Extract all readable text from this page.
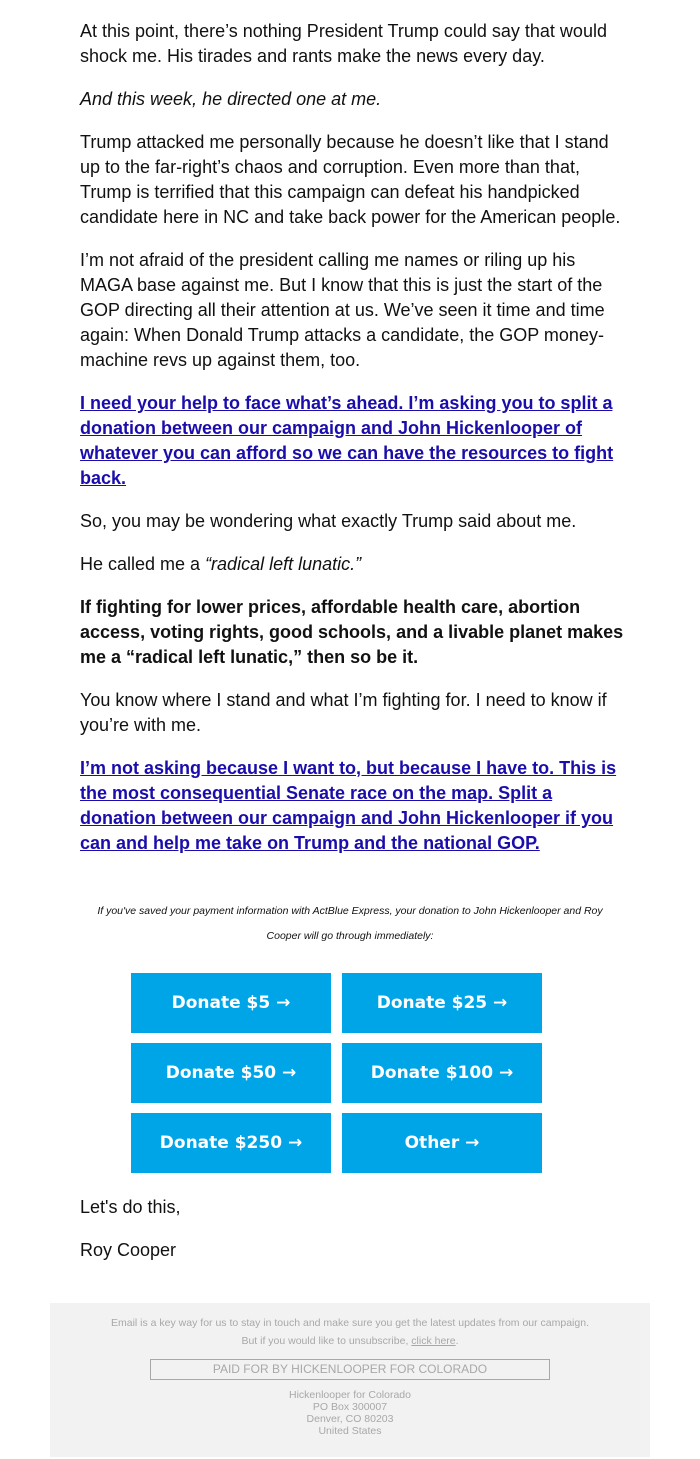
At this point, there’s nothing President Trump could say that would shock me. His tirades and rants make the news every day.

And this week, he directed one at me.

Trump attacked me personally because he doesn’t like that I stand up to the far-right’s chaos and corruption. Even more than that, Trump is terrified that this campaign can defeat his handpicked candidate here in NC and take back power for the American people.

I’m not afraid of the president calling me names or riling up his MAGA base against me. But I know that this is just the start of the GOP directing all their attention at us. We’ve seen it time and time again: When Donald Trump attacks a candidate, the GOP money-machine revs up against them, too.

I need your help to face what’s ahead. I’m asking you to split a donation between our campaign and John Hickenlooper of whatever you can afford so we can have the resources to fight back.

So, you may be wondering what exactly Trump said about me.

He called me a “radical left lunatic.”

If fighting for lower prices, affordable health care, abortion access, voting rights, good schools, and a livable planet makes me a “radical left lunatic,” then so be it.

You know where I stand and what I’m fighting for. I need to know if you’re with me.

I’m not asking because I want to, but because I have to. This is the most consequential Senate race on the map. Split a donation between our campaign and John Hickenlooper if you can and help me take on Trump and the national GOP.
If you've saved your payment information with ActBlue Express, your donation to John Hickenlooper and Roy Cooper will go through immediately:
Donate $5 →	Donate $25 →
Donate $50 →	Donate $100 →
Donate $250 →	Other →
Let's do this,
Roy Cooper
Email is a key way for us to stay in touch and make sure you get the latest updates from our campaign.
But if you would like to unsubscribe, click here.
PAID FOR BY HICKENLOOPER FOR COLORADO
Hickenlooper for Colorado
PO Box 300007
Denver, CO 80203
United States
